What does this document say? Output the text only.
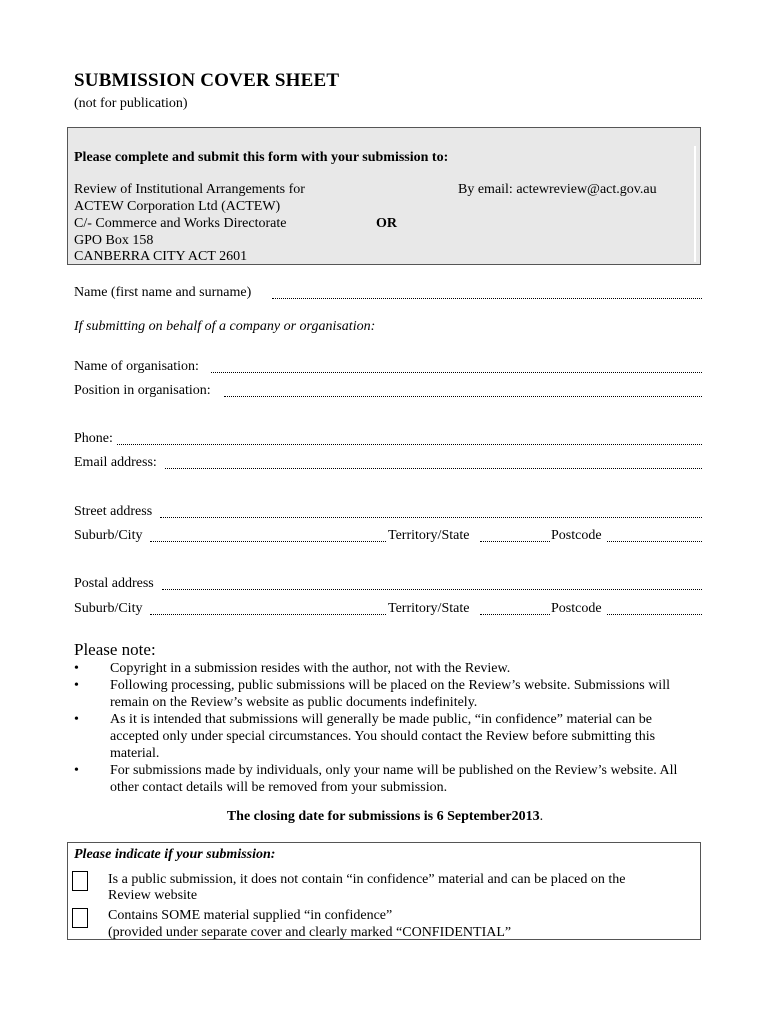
SUBMISSION COVER SHEET
(not for publication)
Please complete and submit this form with your submission to:
Review of Institutional Arrangements for
ACTEW Corporation Ltd (ACTEW)
C/- Commerce and Works Directorate
GPO Box 158
CANBERRA CITY ACT 2601
OR
By email: actewreview@act.gov.au
Name (first name and surname)
If submitting on behalf of a company or organisation:
Name of organisation:
Position in organisation:
Phone:
Email address:
Street address
Suburb/City	Territory/State	Postcode
Postal address
Suburb/City	Territory/State	Postcode
Please note:
•	Copyright in a submission resides with the author, not with the Review.
•	Following processing, public submissions will be placed on the Review’s website. Submissions will remain on the Review’s website as public documents indefinitely.
•	As it is intended that submissions will generally be made public, “in confidence” material can be accepted only under special circumstances. You should contact the Review before submitting this material.
•	For submissions made by individuals, only your name will be published on the Review’s website. All other contact details will be removed from your submission.
The closing date for submissions is 6 September2013.
Please indicate if your submission:
Is a public submission, it does not contain “in confidence” material and can be placed on the
Review website
Contains SOME material supplied “in confidence”
(provided under separate cover and clearly marked “CONFIDENTIAL”
